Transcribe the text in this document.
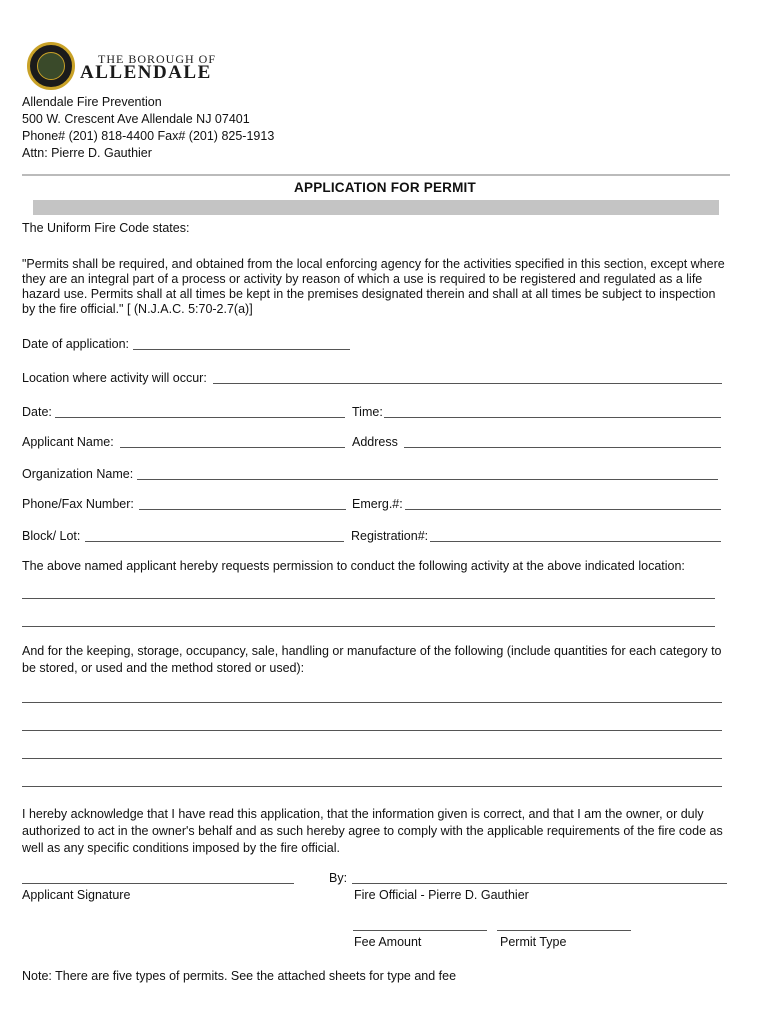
THE BOROUGH OF
ALLENDALE
Allendale Fire Prevention
500 W. Crescent Ave Allendale NJ 07401
Phone# (201) 818-4400 Fax# (201) 825-1913
Attn: Pierre D. Gauthier
APPLICATION FOR PERMIT
The Uniform Fire Code states:
"Permits shall be required, and obtained from the local enforcing agency for the activities specified in this section, except where they are an integral part of a process or activity by reason of which a use is required to be registered and regulated as a life hazard use. Permits shall at all times be kept in the premises designated therein and shall at all times be subject to inspection by the fire official." [ (N.J.A.C. 5:70-2.7(a)]
Date of application:
Location where activity will occur:
Date:	Time:
Applicant Name:	Address
Organization Name:
Phone/Fax Number:	Emerg.#:
Block/ Lot:	Registration#:
The above named applicant hereby requests permission to conduct the following activity at the above indicated location:
And for the keeping, storage, occupancy, sale, handling or manufacture of the following (include quantities for each category to be stored, or used and the method stored or used):
I hereby acknowledge that I have read this application, that the information given is correct, and that I am the owner, or duly authorized to act in the owner's behalf and as such hereby agree to comply with the applicable requirements of the fire code as well as any specific conditions imposed by the fire official.
By:
Applicant Signature	Fire Official - Pierre D. Gauthier
Fee Amount	Permit Type
Note: There are five types of permits. See the attached sheets for type and fee
